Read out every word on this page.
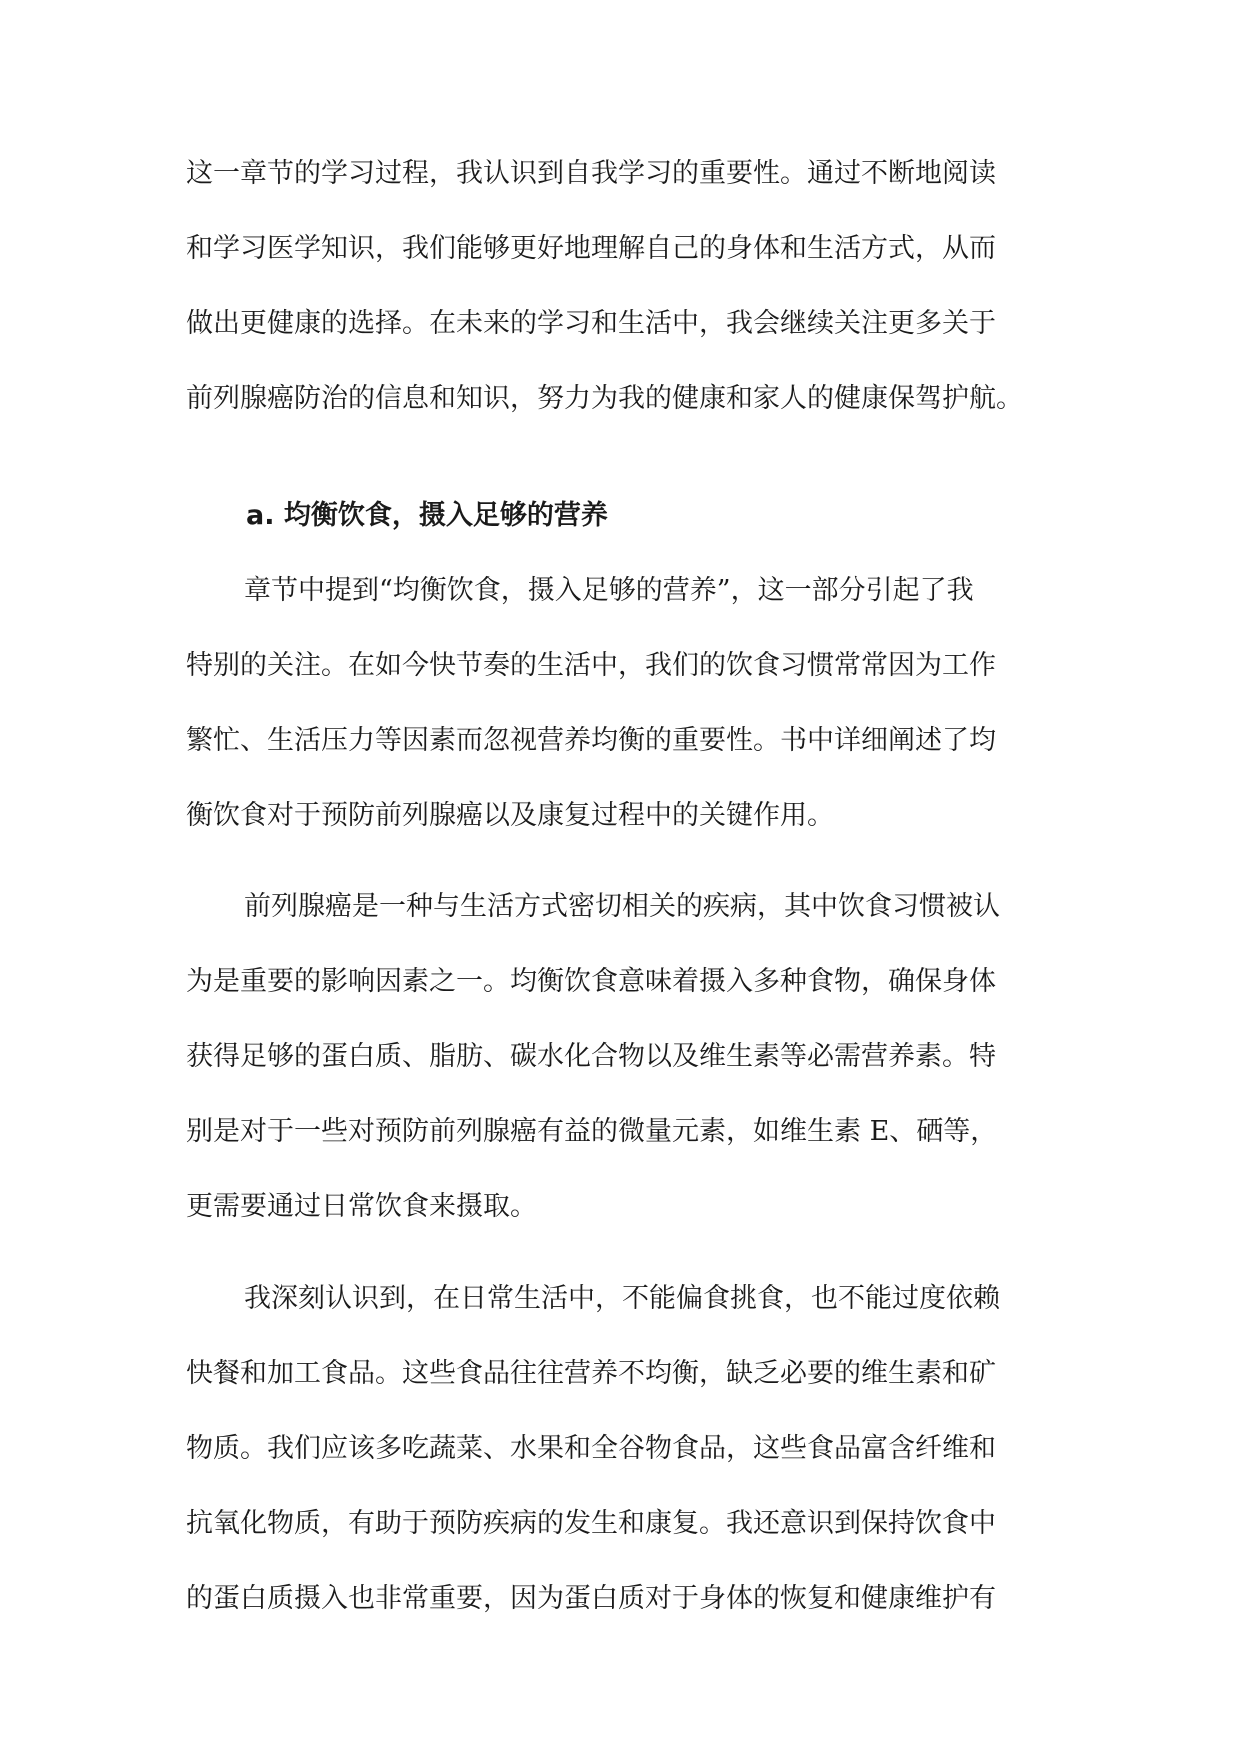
这一章节的学习过程，我认识到自我学习的重要性。通过不断地阅读
和学习医学知识，我们能够更好地理解自己的身体和生活方式，从而
做出更健康的选择。在未来的学习和生活中，我会继续关注更多关于
前列腺癌防治的信息和知识，努力为我的健康和家人的健康保驾护航。
a. 均衡饮食，摄入足够的营养
章节中提到“均衡饮食，摄入足够的营养”，这一部分引起了我
特别的关注。在如今快节奏的生活中，我们的饮食习惯常常因为工作
繁忙、生活压力等因素而忽视营养均衡的重要性。书中详细阐述了均
衡饮食对于预防前列腺癌以及康复过程中的关键作用。
前列腺癌是一种与生活方式密切相关的疾病，其中饮食习惯被认
为是重要的影响因素之一。均衡饮食意味着摄入多种食物，确保身体
获得足够的蛋白质、脂肪、碳水化合物以及维生素等必需营养素。特
别是对于一些对预防前列腺癌有益的微量元素，如维生素 E、硒等，
更需要通过日常饮食来摄取。
我深刻认识到，在日常生活中，不能偏食挑食，也不能过度依赖
快餐和加工食品。这些食品往往营养不均衡，缺乏必要的维生素和矿
物质。我们应该多吃蔬菜、水果和全谷物食品，这些食品富含纤维和
抗氧化物质，有助于预防疾病的发生和康复。我还意识到保持饮食中
的蛋白质摄入也非常重要，因为蛋白质对于身体的恢复和健康维护有
